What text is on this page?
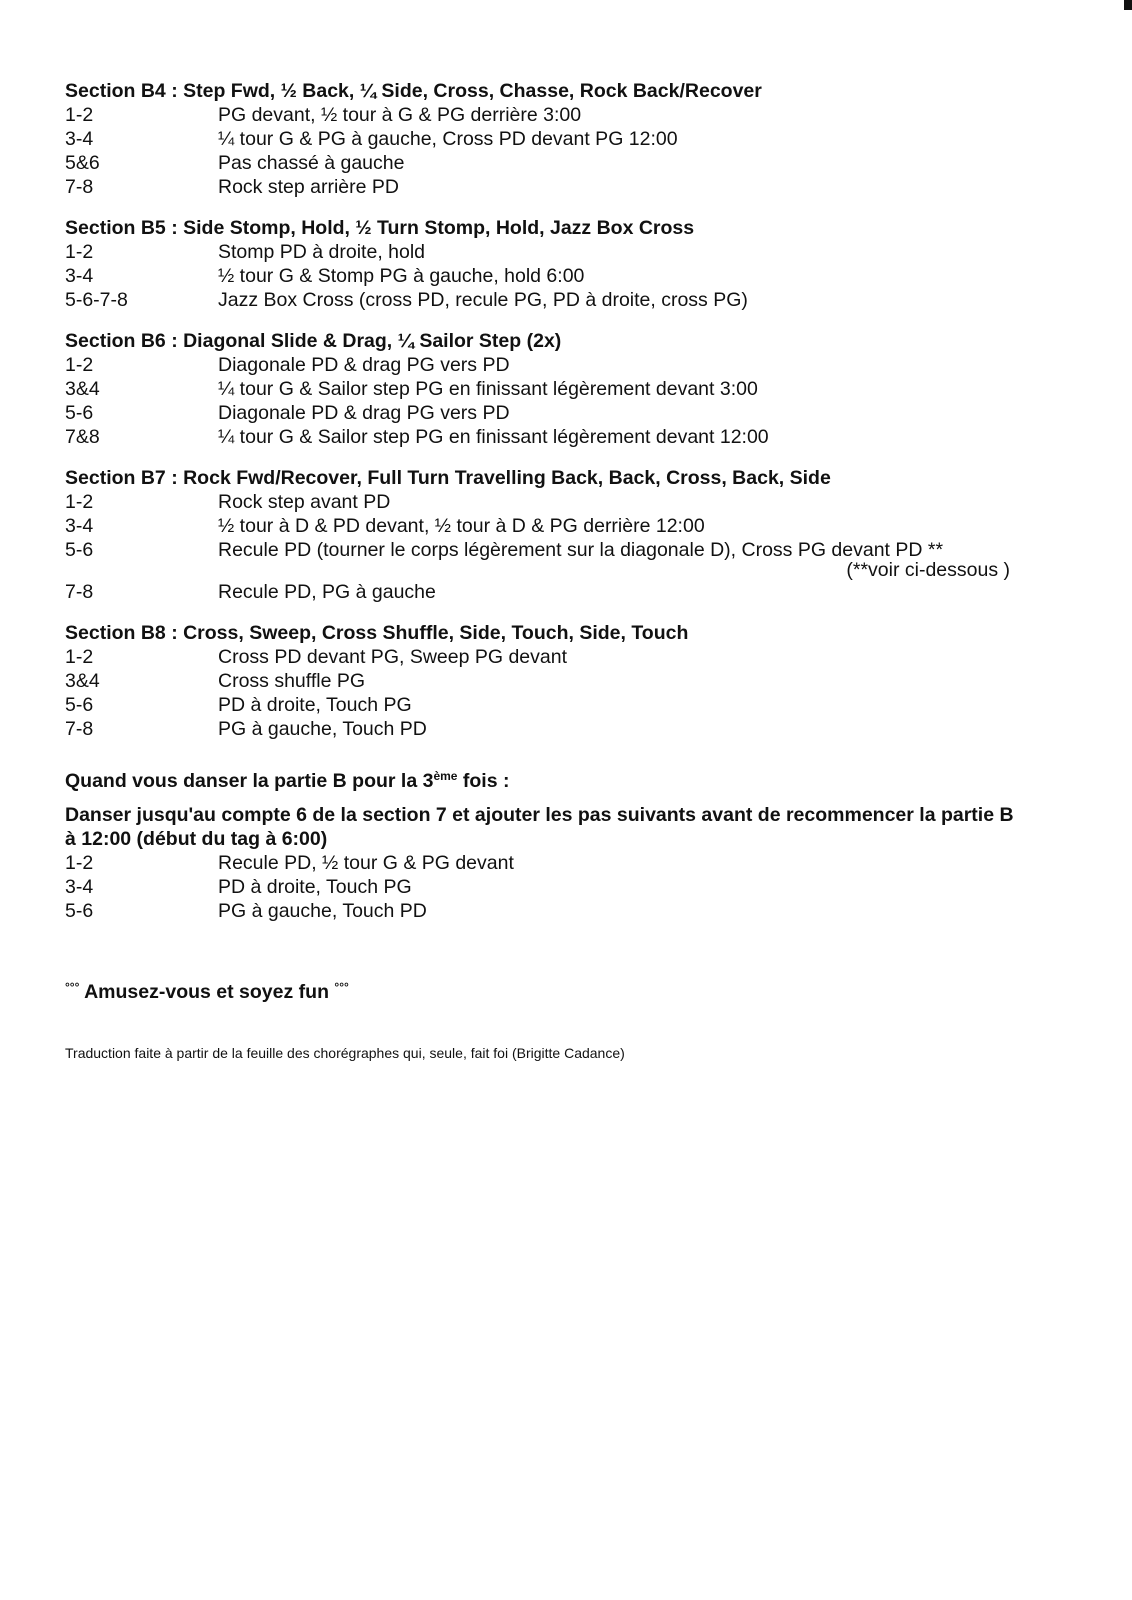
Section B4 : Step Fwd, ½ Back, ¼ Side, Cross, Chasse, Rock Back/Recover
1-2	PG devant, ½ tour à G & PG derrière 3:00
3-4	¼ tour G & PG à gauche, Cross PD devant PG 12:00
5&6	Pas chassé à gauche
7-8	Rock step arrière PD
Section B5 : Side Stomp, Hold, ½ Turn Stomp, Hold, Jazz Box Cross
1-2	Stomp PD à droite, hold
3-4	½ tour G & Stomp PG à gauche, hold 6:00
5-6-7-8	Jazz Box Cross (cross PD, recule PG, PD à droite, cross PG)
Section B6 : Diagonal Slide & Drag, ¼ Sailor Step (2x)
1-2	Diagonale PD & drag PG vers PD
3&4	¼ tour G & Sailor step PG en finissant légèrement devant 3:00
5-6	Diagonale PD & drag PG vers PD
7&8	¼ tour G & Sailor step PG en finissant légèrement devant 12:00
Section B7 : Rock Fwd/Recover, Full Turn Travelling Back, Back, Cross, Back, Side
1-2	Rock step avant PD
3-4	½ tour à D & PD devant, ½ tour à D & PG derrière 12:00
5-6	Recule PD (tourner le corps légèrement sur la diagonale D), Cross PG devant PD **
(**voir ci-dessous )
7-8	Recule PD, PG à gauche
Section B8 : Cross, Sweep, Cross Shuffle, Side, Touch, Side, Touch
1-2	Cross PD devant PG, Sweep PG devant
3&4	Cross shuffle PG
5-6	PD à droite, Touch PG
7-8	PG à gauche, Touch PD
Quand vous danser la partie B pour la 3ème fois :
Danser jusqu'au compte 6 de la section 7 et ajouter les pas suivants avant de recommencer la partie B à 12:00 (début du tag à 6:00)
1-2	Recule PD, ½ tour G & PG devant
3-4	PD à droite, Touch PG
5-6	PG à gauche, Touch PD
°°° Amusez-vous et soyez fun °°°
Traduction faite à partir de la feuille des chorégraphes qui, seule, fait foi (Brigitte Cadance)
